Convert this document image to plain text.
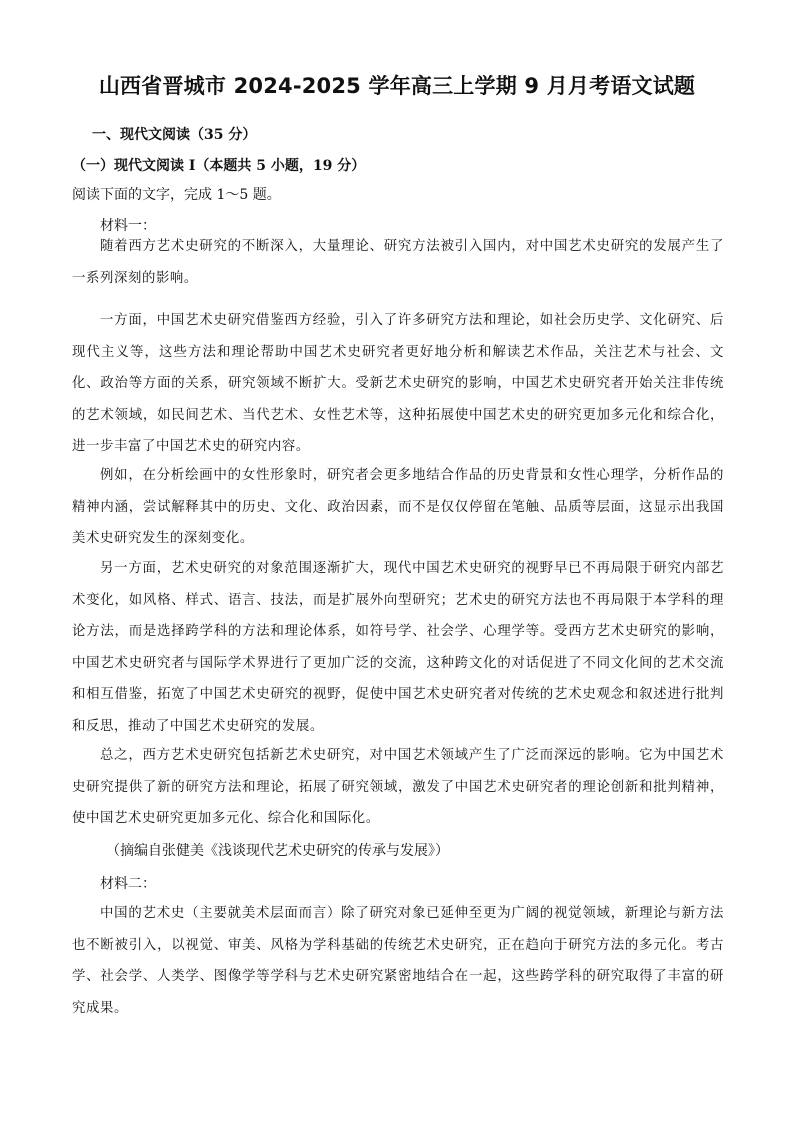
山西省晋城市 2024-2025 学年高三上学期 9 月月考语文试题
一、现代文阅读（35 分）
（一）现代文阅读 I（本题共 5 小题，19 分）
阅读下面的文字，完成 1～5 题。
材料一：

随着西方艺术史研究的不断深入，大量理论、研究方法被引入国内，对中国艺术史研究的发展产生了一系列深刻的影响。

一方面，中国艺术史研究借鉴西方经验，引入了许多研究方法和理论，如社会历史学、文化研究、后现代主义等，这些方法和理论帮助中国艺术史研究者更好地分析和解读艺术作品，关注艺术与社会、文化、政治等方面的关系，研究领域不断扩大。受新艺术史研究的影响，中国艺术史研究者开始关注非传统的艺术领域，如民间艺术、当代艺术、女性艺术等，这种拓展使中国艺术史的研究更加多元化和综合化，进一步丰富了中国艺术史的研究内容。

例如，在分析绘画中的女性形象时，研究者会更多地结合作品的历史背景和女性心理学，分析作品的精神内涵，尝试解释其中的历史、文化、政治因素，而不是仅仅停留在笔触、品质等层面，这显示出我国美术史研究发生的深刻变化。

另一方面，艺术史研究的对象范围逐渐扩大，现代中国艺术史研究的视野早已不再局限于研究内部艺术变化，如风格、样式、语言、技法，而是扩展外向型研究；艺术史的研究方法也不再局限于本学科的理论方法，而是选择跨学科的方法和理论体系，如符号学、社会学、心理学等。受西方艺术史研究的影响，中国艺术史研究者与国际学术界进行了更加广泛的交流，这种跨文化的对话促进了不同文化间的艺术交流和相互借鉴，拓宽了中国艺术史研究的视野，促使中国艺术史研究者对传统的艺术史观念和叙述进行批判和反思，推动了中国艺术史研究的发展。

总之，西方艺术史研究包括新艺术史研究，对中国艺术领域产生了广泛而深远的影响。它为中国艺术史研究提供了新的研究方法和理论，拓展了研究领域，激发了中国艺术史研究者的理论创新和批判精神，使中国艺术史研究更加多元化、综合化和国际化。

（摘编自张健美《浅谈现代艺术史研究的传承与发展》）
材料二：

中国的艺术史（主要就美术层面而言）除了研究对象已延伸至更为广阔的视觉领域，新理论与新方法也不断被引入，以视觉、审美、风格为学科基础的传统艺术史研究，正在趋向于研究方法的多元化。考古学、社会学、人类学、图像学等学科与艺术史研究紧密地结合在一起，这些跨学科的研究取得了丰富的研究成果。
